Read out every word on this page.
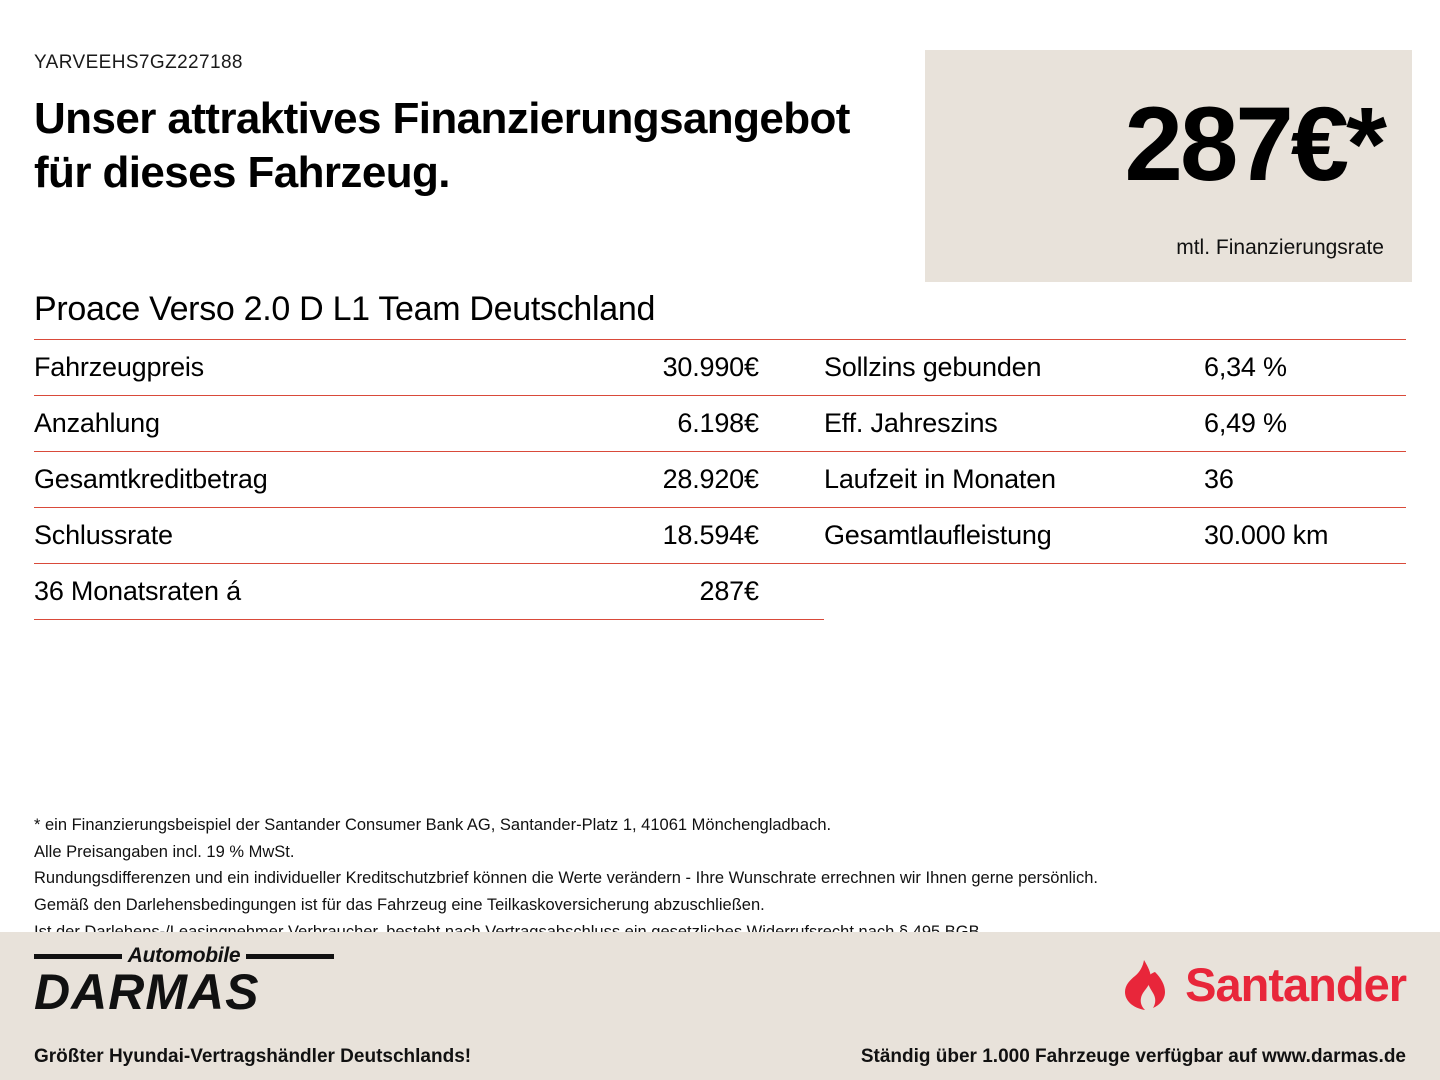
YARVEEHS7GZ227188
Unser attraktives Finanzierungsangebot
für dieses Fahrzeug.	287€*
mtl. Finanzierungsrate
Proace Verso 2.0 D L1 Team Deutschland
Fahrzeugpreis	30.990	€	Sollzins gebunden	6,34 %
Anzahlung	6.198	€	Eff. Jahreszins	6,49 %
Gesamtkreditbetrag	28.920	€	Laufzeit in Monaten	36
Schlussrate	18.594	€	Gesamtlaufleistung	30.000 km
36 Monatsraten á	287	€		
* ein Finanzierungsbeispiel der Santander Consumer Bank AG, Santander-Platz 1, 41061 Mönchengladbach.
Alle Preisangaben incl. 19 % MwSt.
Rundungsdifferenzen und ein individueller Kreditschutzbrief können die Werte verändern - Ihre Wunschrate errechnen wir Ihnen gerne persönlich.
Gemäß den Darlehensbedingungen ist für das Fahrzeug eine Teilkaskoversicherung abzuschließen.
Automobile
DARMAS
Größter Hyundai-Vertragshändler Deutschlands!
Santander
Ständig über 1.000 Fahrzeuge verfügbar auf www.darmas.de
